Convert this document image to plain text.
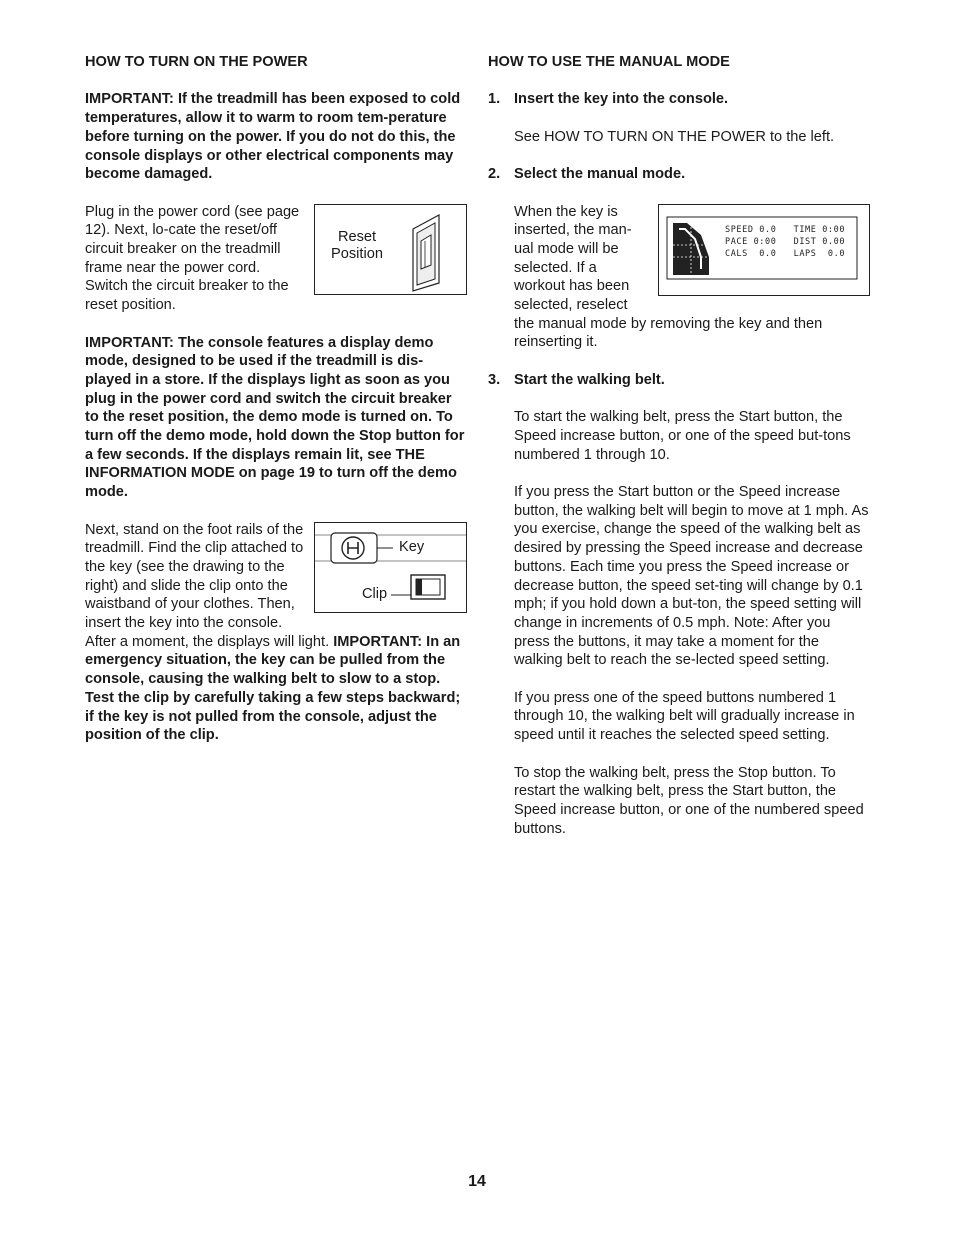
HOW TO TURN ON THE POWER

IMPORTANT: If the treadmill has been exposed to cold temperatures, allow it to warm to room tem-perature before turning on the power. If you do not do this, the console displays or other electrical components may become damaged.

Reset Position

Plug in the power cord (see page 12). Next, lo-cate the reset/off circuit breaker on the treadmill frame near the power cord. Switch the circuit breaker to the reset position.

IMPORTANT: The console features a display demo mode, designed to be used if the treadmill is dis-played in a store. If the displays light as soon as you plug in the power cord and switch the circuit breaker to the reset position, the demo mode is turned on. To turn off the demo mode, hold down the Stop button for a few seconds. If the displays remain lit, see THE INFORMATION MODE on page 19 to turn off the demo mode.

Key
Clip

Next, stand on the foot rails of the treadmill. Find the clip attached to the key (see the drawing to the right) and slide the clip onto the waistband of your clothes. Then, insert the key into the console. After a moment, the displays will light. IMPORTANT: In an emergency situation, the key can be pulled from the console, causing the walking belt to slow to a stop. Test the clip by carefully taking a few steps backward; if the key is not pulled from the console, adjust the position of the clip.

HOW TO USE THE MANUAL MODE
1. Insert the key into the console.

See HOW TO TURN ON THE POWER to the left.

2. Select the manual mode.
SPEED 0.0   TIME 0:00
PACE 0:00   DIST 0.00
CALS  0.0   LAPS  0.0

When the key is inserted, the man-ual mode will be selected. If a workout has been selected, reselect the manual mode by removing the key and then reinserting it.

3. Start the walking belt.

To start the walking belt, press the Start button, the Speed increase button, or one of the speed but-tons numbered 1 through 10.

If you press the Start button or the Speed increase button, the walking belt will begin to move at 1 mph. As you exercise, change the speed of the walking belt as desired by pressing the Speed increase and decrease buttons. Each time you press the Speed increase or decrease button, the speed set-ting will change by 0.1 mph; if you hold down a but-ton, the speed setting will change in increments of 0.5 mph. Note: After you press the buttons, it may take a moment for the walking belt to reach the se-lected speed setting.

If you press one of the speed buttons numbered 1 through 10, the walking belt will gradually increase in speed until it reaches the selected speed setting.

To stop the walking belt, press the Stop button. To restart the walking belt, press the Start button, the Speed increase button, or one of the numbered speed buttons.

14
